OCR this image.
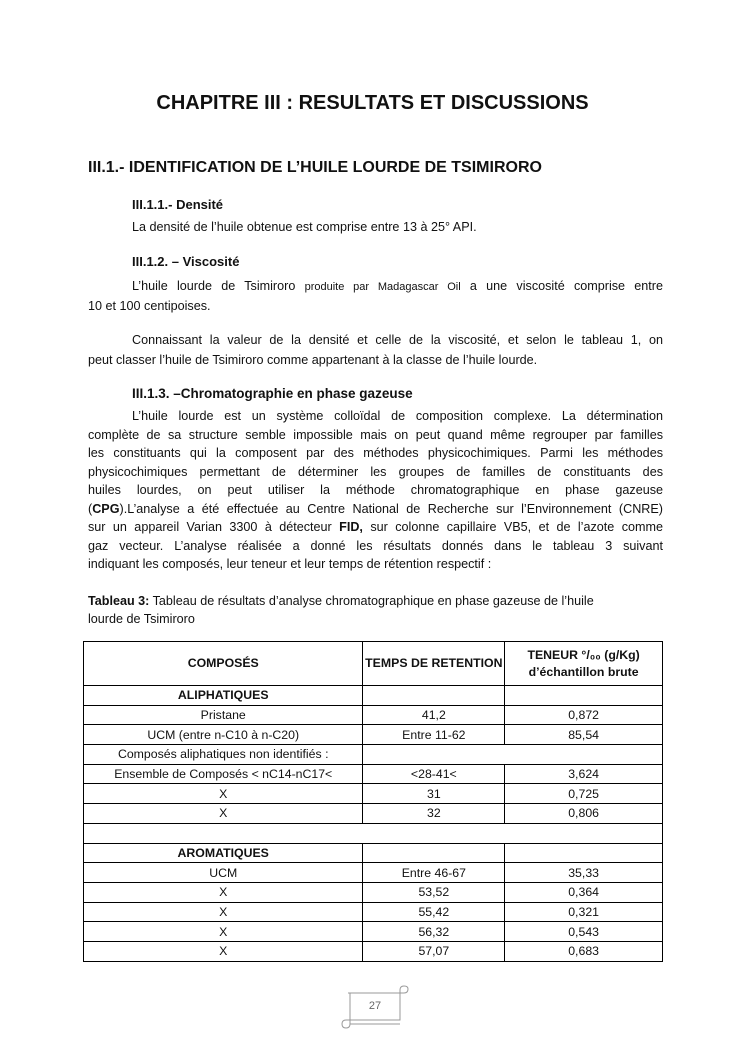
CHAPITRE III : RESULTATS ET DISCUSSIONS
III.1.- IDENTIFICATION DE L’HUILE LOURDE DE TSIMIRORO
III.1.1.- Densité
La densité de l’huile obtenue est comprise entre 13 à 25° API.
III.1.2. – Viscosité
L’huile lourde de Tsimiroro produite par Madagascar Oil a une viscosité comprise entre
10 et 100 centipoises.
Connaissant la valeur de la densité et celle de la viscosité, et selon le tableau 1, on
peut classer l’huile de Tsimiroro comme appartenant à la classe de l’huile lourde.
III.1.3. –Chromatographie en phase gazeuse
L’huile lourde est un système colloïdal de composition complexe. La détermination
complète de sa structure semble impossible mais on peut quand même regrouper par familles
les constituants qui la composent par des méthodes physicochimiques. Parmi les méthodes
physicochimiques permettant de déterminer les groupes de familles de constituants des
huiles lourdes, on peut utiliser la méthode chromatographique en phase gazeuse
(CPG).L’analyse a été effectuée au Centre National de Recherche sur l’Environnement (CNRE)
sur un appareil Varian 3300 à détecteur FID, sur colonne capillaire VB5, et de l’azote comme
gaz vecteur. L’analyse réalisée a donné les résultats donnés dans le tableau 3 suivant
indiquant les composés, leur teneur et leur temps de rétention respectif :
Tableau 3: Tableau de résultats d’analyse chromatographique en phase gazeuse de l’huile
lourde de Tsimiroro
COMPOSÉS	TEMPS DE RETENTION	TENEUR °/₀₀ (g/Kg) d’échantillon brute
ALIPHATIQUES		
Pristane	41,2	0,872
UCM (entre n-C10 à n-C20)	Entre 11-62	85,54
Composés aliphatiques non identifiés :		
Ensemble de Composés < nC14-nC17<	<28-41<	3,624
X	31	0,725
X	32	0,806

AROMATIQUES		
UCM	Entre 46-67	35,33
X	53,52	0,364
X	55,42	0,321
X	56,32	0,543
X	57,07	0,683
27
